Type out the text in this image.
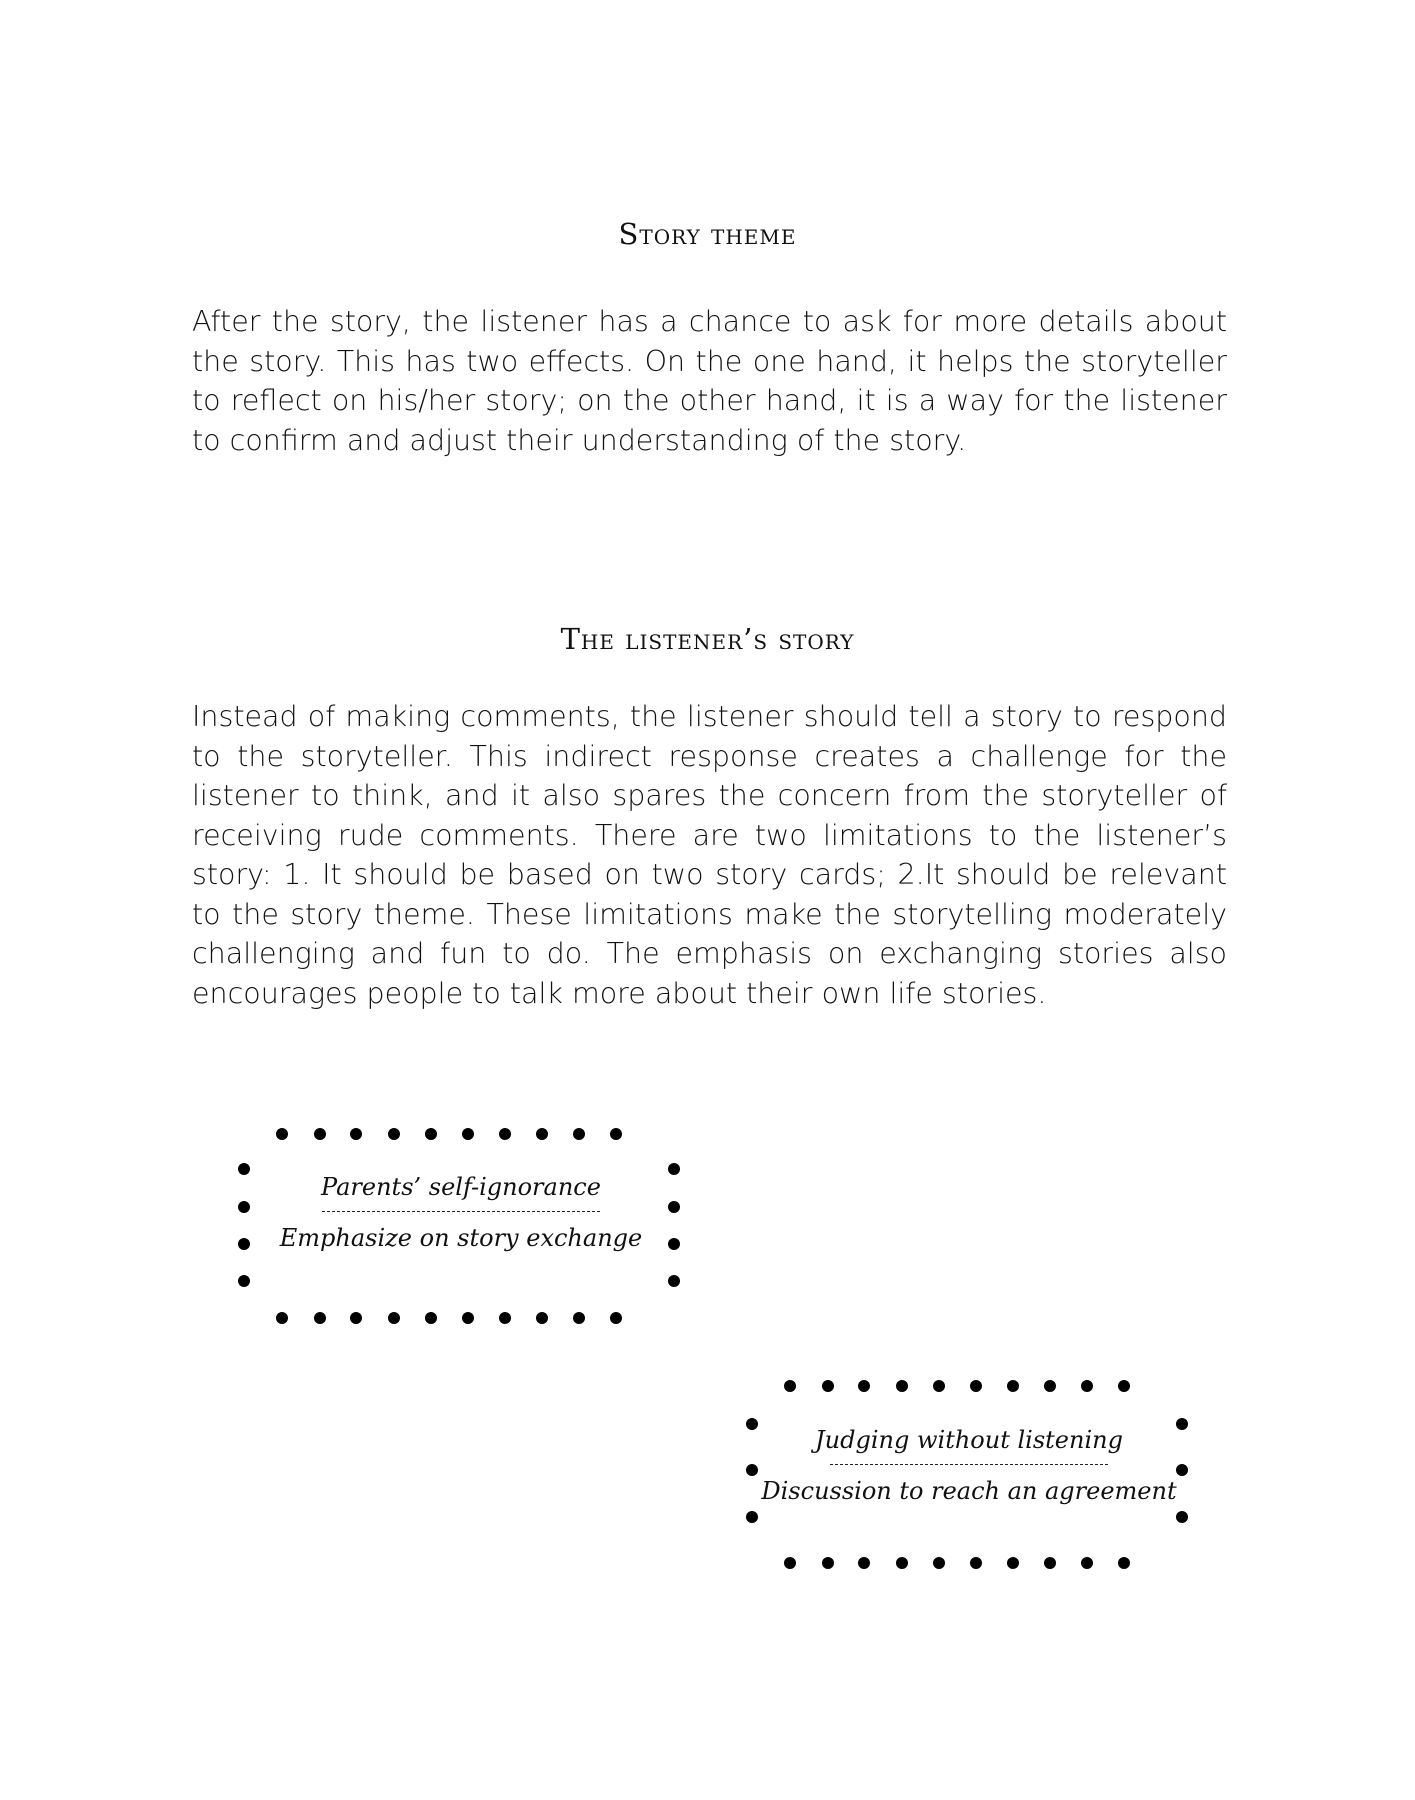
Story theme

After the story, the listener has a chance to ask for more details about the story. This has two effects. On the one hand, it helps the storyteller to reflect on his/her story; on the other hand, it is a way for the listener to confirm and adjust their understanding of the story.

The listener’s story

Instead of making comments, the listener should tell a story to respond to the storyteller. This indirect response creates a challenge for the listener to think, and it also spares the concern from the storyteller of receiving rude comments. There are two limitations to the listener’s story: 1. It should be based on two story cards; 2.It should be relevant to the story theme. These limitations make the storytelling moderately challenging and fun to do. The emphasis on exchanging stories also encourages people to talk more about their own life stories.

Parents’ self-ignorance
Emphasize on story exchange
Judging without listening
Discussion to reach an agreement
